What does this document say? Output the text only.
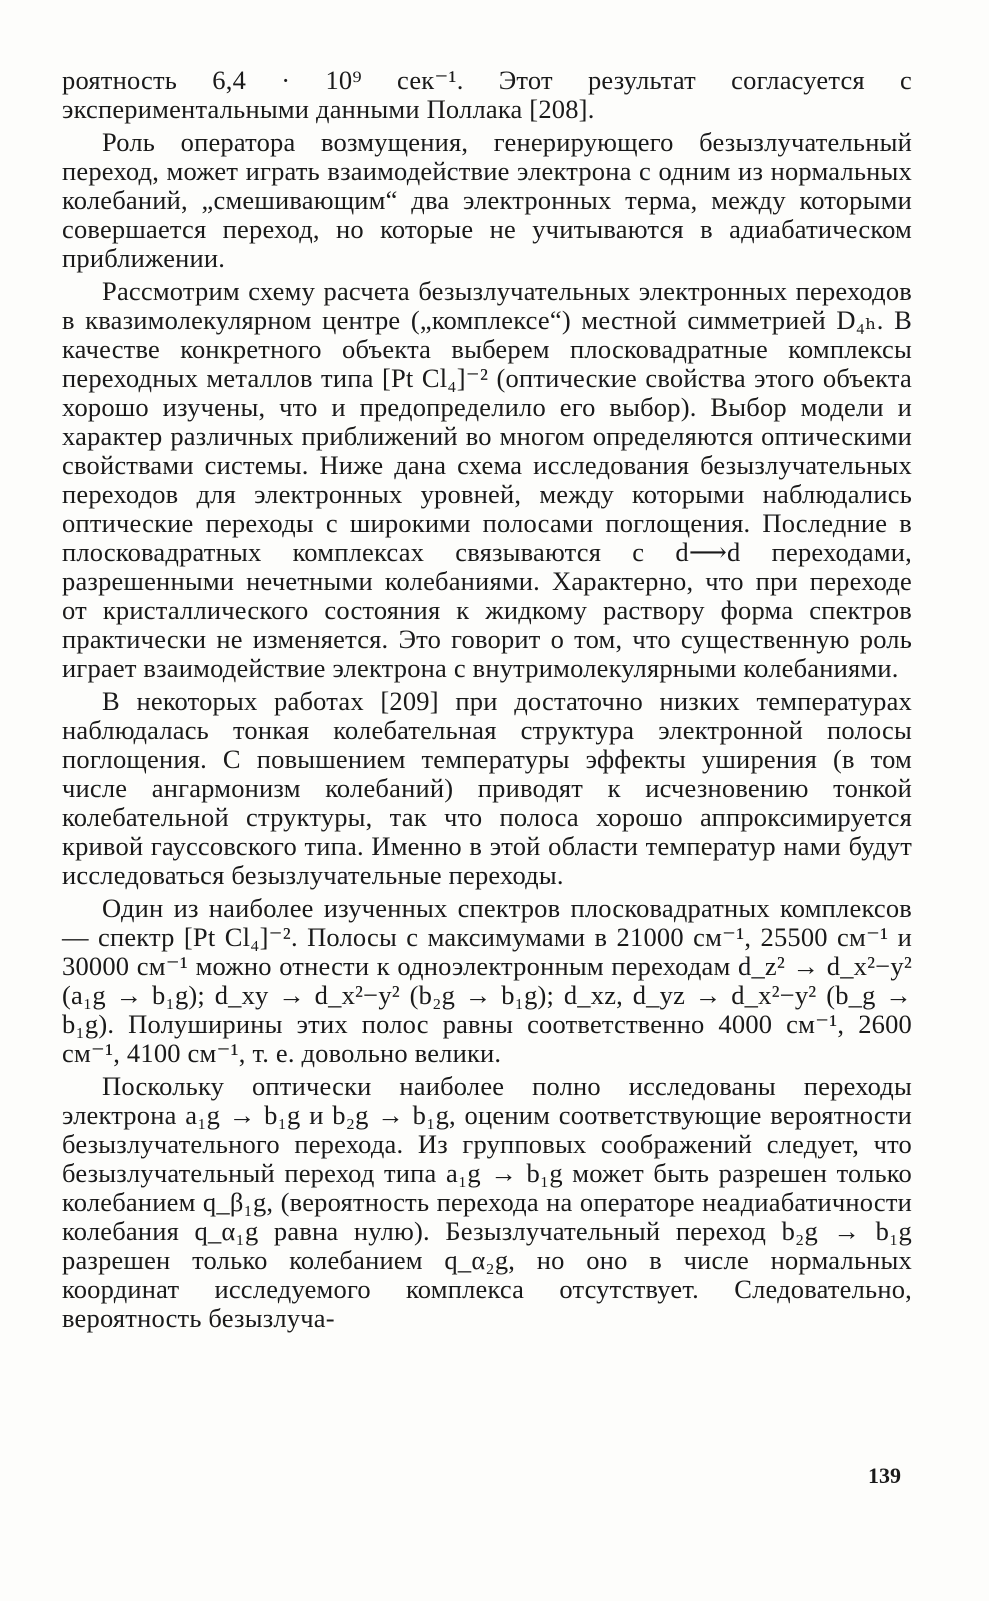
роятность 6,4 · 10⁹ сек⁻¹. Этот результат согласуется с экспериментальными данными Поллака [208].

Роль оператора возмущения, генерирующего безызлучательный переход, может играть взаимодействие электрона с одним из нормальных колебаний, „смешивающим“ два электронных терма, между которыми совершается переход, но которые не учитываются в адиабатическом приближении.

Рассмотрим схему расчета безызлучательных электронных переходов в квазимолекулярном центре („комплексе“) местной симметрией D₄ₕ. В качестве конкретного объекта выберем плосковадратные комплексы переходных металлов типа [Pt Cl₄]⁻² (оптические свойства этого объекта хорошо изучены, что и предопределило его выбор). Выбор модели и характер различных приближений во многом определяются оптическими свойствами системы. Ниже дана схема исследования безызлучательных переходов для электронных уровней, между которыми наблюдались оптические переходы с широкими полосами поглощения. Последние в плосковадратных комплексах связываются с d⟶d переходами, разрешенными нечетными колебаниями. Характерно, что при переходе от кристаллического состояния к жидкому раствору форма спектров практически не изменяется. Это говорит о том, что существенную роль играет взаимодействие электрона с внутримолекулярными колебаниями.

В некоторых работах [209] при достаточно низких температурах наблюдалась тонкая колебательная структура электронной полосы поглощения. С повышением температуры эффекты уширения (в том числе ангармонизм колебаний) приводят к исчезновению тонкой колебательной структуры, так что полоса хорошо аппроксимируется кривой гауссовского типа. Именно в этой области температур нами будут исследоваться безызлучательные переходы.

Один из наиболее изученных спектров плосковадратных комплексов — спектр [Pt Cl₄]⁻². Полосы с максимумами в 21000 см⁻¹, 25500 см⁻¹ и 30000 см⁻¹ можно отнести к одноэлектронным переходам d_z² → d_x²−y² (a₁g → b₁g); d_xy → d_x²−y² (b₂g → b₁g); d_xz, d_yz → d_x²−y² (b_g → b₁g). Полуширины этих полос равны соответственно 4000 см⁻¹, 2600 см⁻¹, 4100 см⁻¹, т. е. довольно велики.

Поскольку оптически наиболее полно исследованы переходы электрона a₁g → b₁g и b₂g → b₁g, оценим соответствующие вероятности безызлучательного перехода. Из групповых соображений следует, что безызлучательный переход типа a₁g → b₁g может быть разрешен только колебанием q_β₁g, (вероятность перехода на операторе неадиабатичности колебания q_α₁g равна нулю). Безызлучательный переход b₂g → b₁g разрешен только колебанием q_α₂g, но оно в числе нормальных координат исследуемого комплекса отсутствует. Следовательно, вероятность безызлуча-

139
